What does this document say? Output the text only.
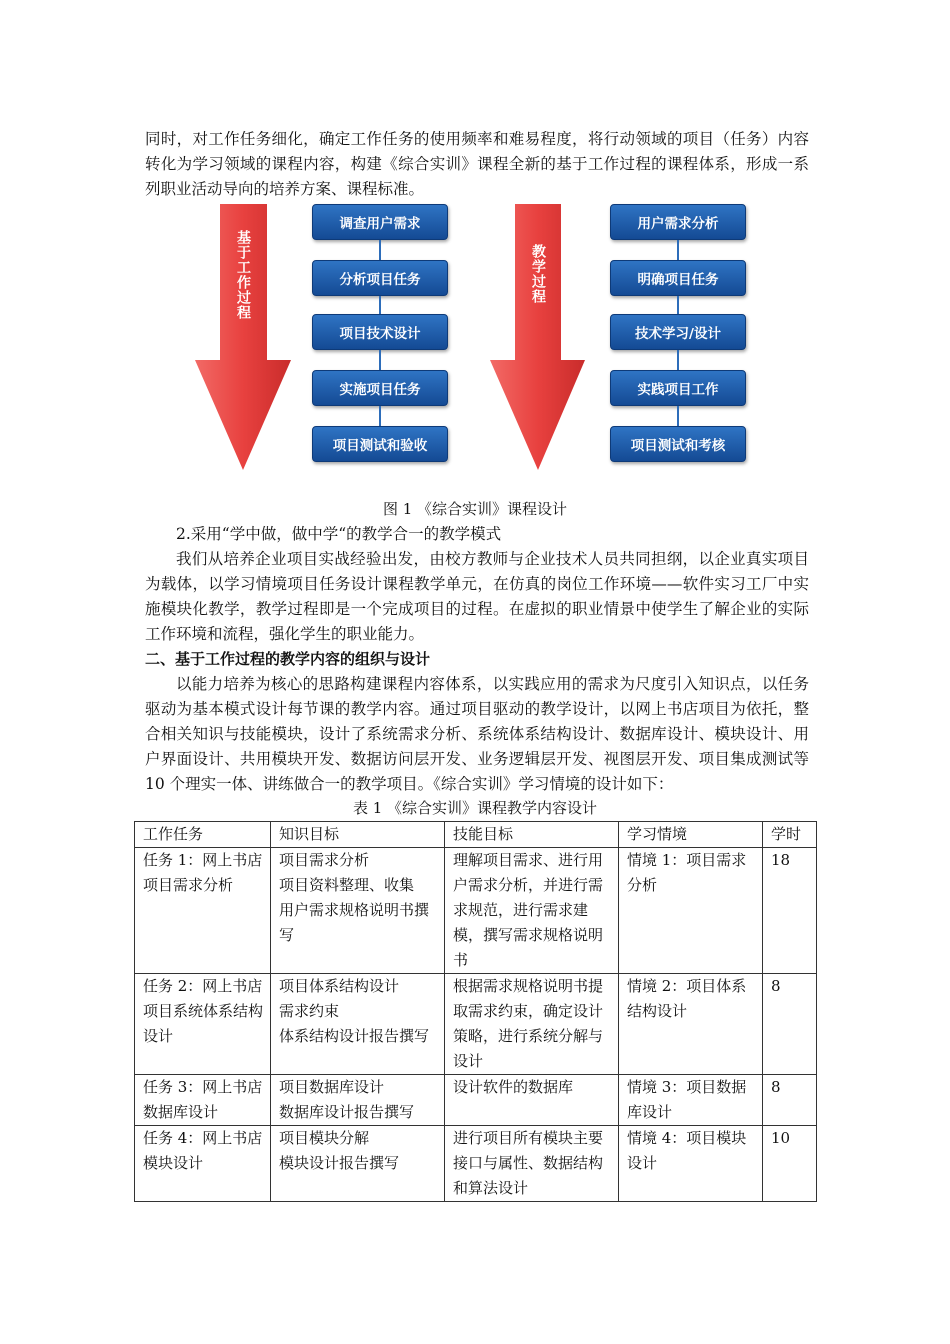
同时，对工作任务细化，确定工作任务的使用频率和难易程度，将行动领域的项目（任务）内容转化为学习领域的课程内容，构建《综合实训》课程全新的基于工作过程的课程体系，形成一系列职业活动导向的培养方案、课程标准。
基于工作过程	教学过程
调查用户需求
分析项目任务
项目技术设计
实施项目任务
项目测试和验收
用户需求分析
明确项目任务
技术学习/设计
实践项目工作
项目测试和考核
图 1 《综合实训》课程设计
2.采用“学中做，做中学“的教学合一的教学模式
我们从培养企业项目实战经验出发，由校方教师与企业技术人员共同担纲，以企业真实项目为载体，以学习情境项目任务设计课程教学单元，在仿真的岗位工作环境——软件实习工厂中实施模块化教学，教学过程即是一个完成项目的过程。在虚拟的职业情景中使学生了解企业的实际工作环境和流程，强化学生的职业能力。
二、基于工作过程的教学内容的组织与设计
以能力培养为核心的思路构建课程内容体系，以实践应用的需求为尺度引入知识点，以任务驱动为基本模式设计每节课的教学内容。通过项目驱动的教学设计，以网上书店项目为依托，整合相关知识与技能模块，设计了系统需求分析、系统体系结构设计、数据库设计、模块设计、用户界面设计、共用模块开发、数据访问层开发、业务逻辑层开发、视图层开发、项目集成测试等 10 个理实一体、讲练做合一的教学项目。《综合实训》学习情境的设计如下：
表 1 《综合实训》课程教学内容设计
工作任务	知识目标	技能目标	学习情境	学时
任务 1：网上书店项目需求分析	项目需求分析
项目资料整理、收集
用户需求规格说明书撰写	理解项目需求、进行用户需求分析，并进行需求规范，进行需求建模，撰写需求规格说明书	情境 1：项目需求分析	18
任务 2：网上书店项目系统体系结构设计	项目体系结构设计
需求约束
体系结构设计报告撰写	根据需求规格说明书提取需求约束，确定设计策略，进行系统分解与设计	情境 2：项目体系结构设计	8
任务 3：网上书店数据库设计	项目数据库设计
数据库设计报告撰写	设计软件的数据库	情境 3：项目数据库设计	8
任务 4：网上书店模块设计	项目模块分解
模块设计报告撰写	进行项目所有模块主要接口与属性、数据结构和算法设计	情境 4：项目模块设计	10
